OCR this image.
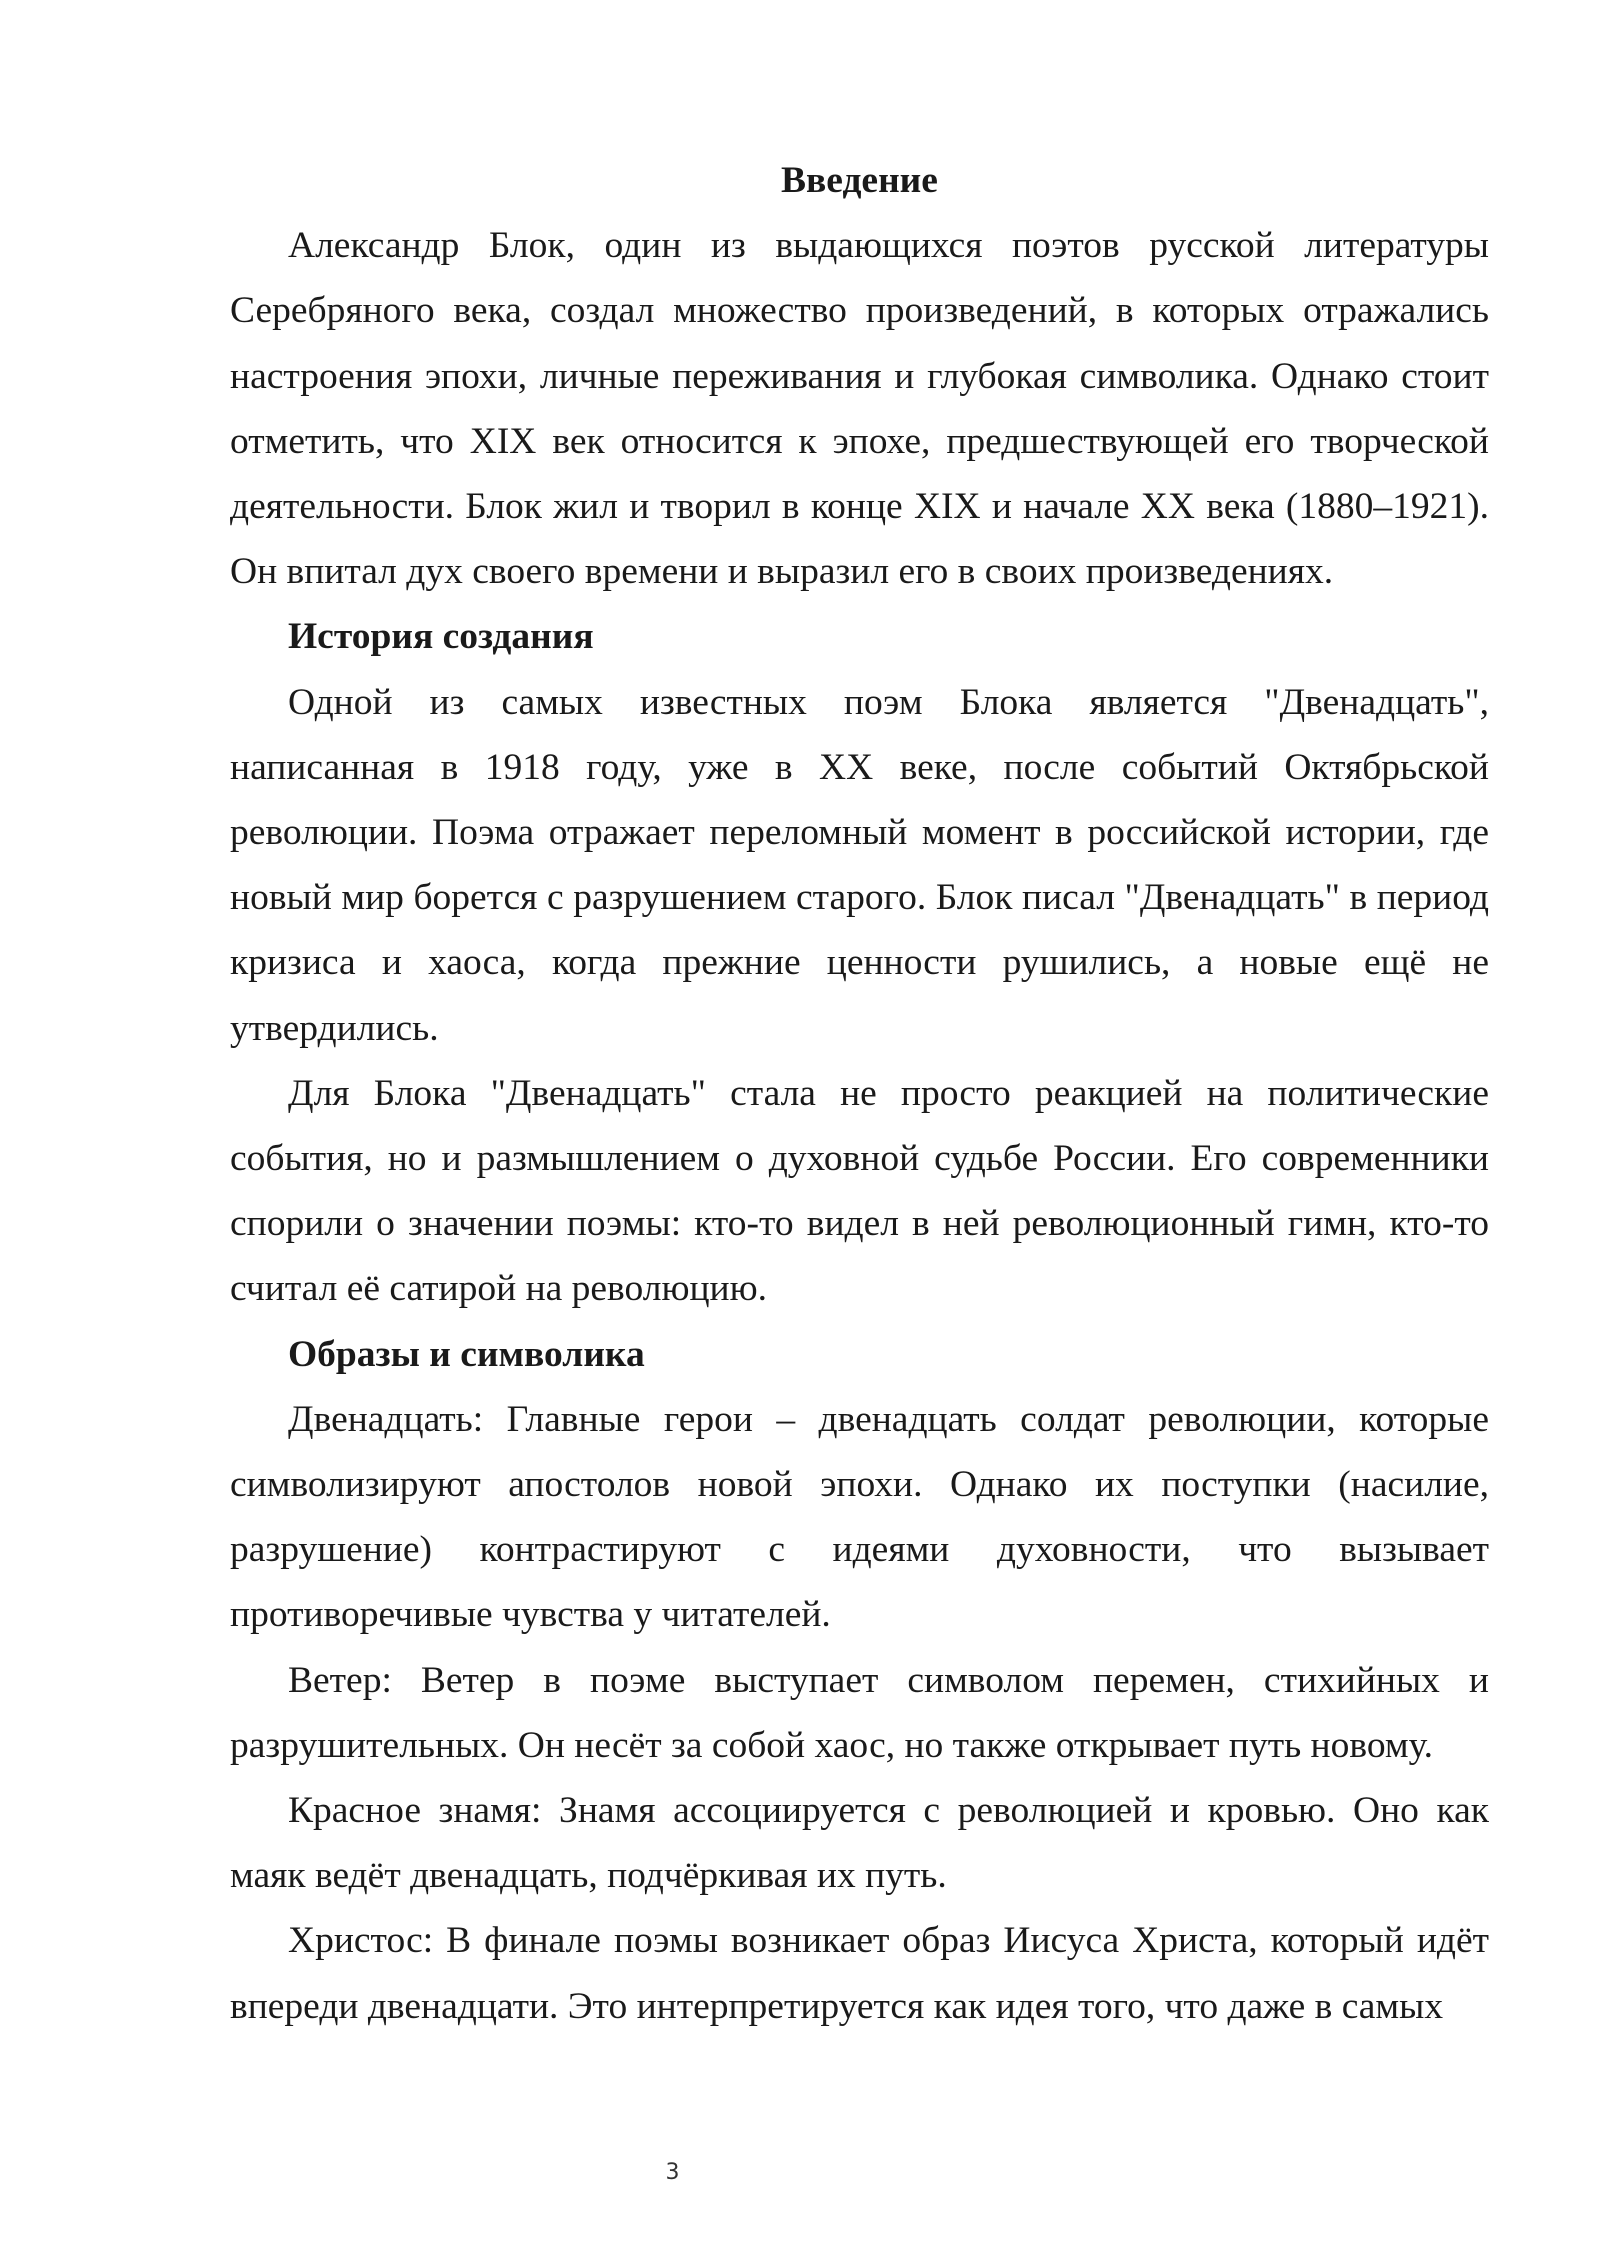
Введение

Александр Блок, один из выдающихся поэтов русской литературы Серебряного века, создал множество произведений, в которых отражались настроения эпохи, личные переживания и глубокая символика. Однако стоит отметить, что XIX век относится к эпохе, предшествующей его творческой деятельности. Блок жил и творил в конце XIX и начале XX века (1880–1921). Он впитал дух своего времени и выразил его в своих произведениях.

История создания

Одной из самых известных поэм Блока является "Двенадцать", написанная в 1918 году, уже в XX веке, после событий Октябрьской революции. Поэма отражает переломный момент в российской истории, где новый мир борется с разрушением старого. Блок писал "Двенадцать" в период кризиса и хаоса, когда прежние ценности рушились, а новые ещё не утвердились.

Для Блока "Двенадцать" стала не просто реакцией на политические события, но и размышлением о духовной судьбе России. Его современники спорили о значении поэмы: кто-то видел в ней революционный гимн, кто-то считал её сатирой на революцию.

Образы и символика

Двенадцать: Главные герои – двенадцать солдат революции, которые символизируют апостолов новой эпохи. Однако их поступки (насилие, разрушение) контрастируют с идеями духовности, что вызывает противоречивые чувства у читателей.

Ветер: Ветер в поэме выступает символом перемен, стихийных и разрушительных. Он несёт за собой хаос, но также открывает путь новому.

Красное знамя: Знамя ассоциируется с революцией и кровью. Оно как маяк ведёт двенадцать, подчёркивая их путь.

Христос: В финале поэмы возникает образ Иисуса Христа, который идёт впереди двенадцати. Это интерпретируется как идея того, что даже в самых

3
